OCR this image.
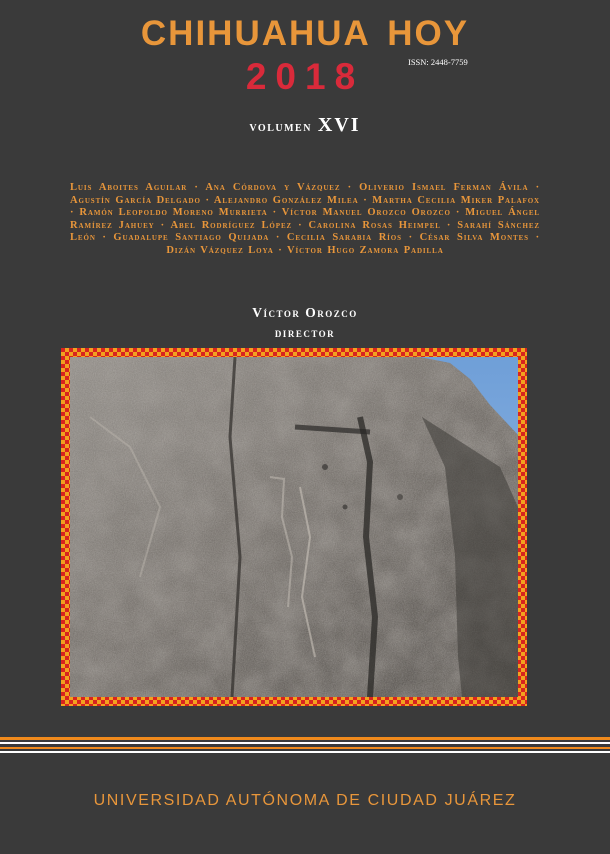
CHIHUAHUA HOY
ISSN: 2448-7759
2018
volumen XVI
Luis Aboites Aguilar · Ana Córdova y Vázquez · Oliverio Ismael Ferman Ávila · Agustín García Delgado · Alejandro González Milea · Martha Cecilia Miker Palafox · Ramón Leopoldo Moreno Murrieta · Víctor Manuel Orozco Orozco · Miguel Ángel Ramírez Jahuey · Abel Rodríguez López · Carolina Rosas Heimpel · Sarahí Sánchez León · Guadalupe Santiago Quijada · Cecilia Sarabia Ríos · César Silva Montes · Dizán Vázquez Loya · Víctor Hugo Zamora Padilla
Víctor Orozco
director
UNIVERSIDAD AUTÓNOMA DE CIUDAD JUÁREZ
